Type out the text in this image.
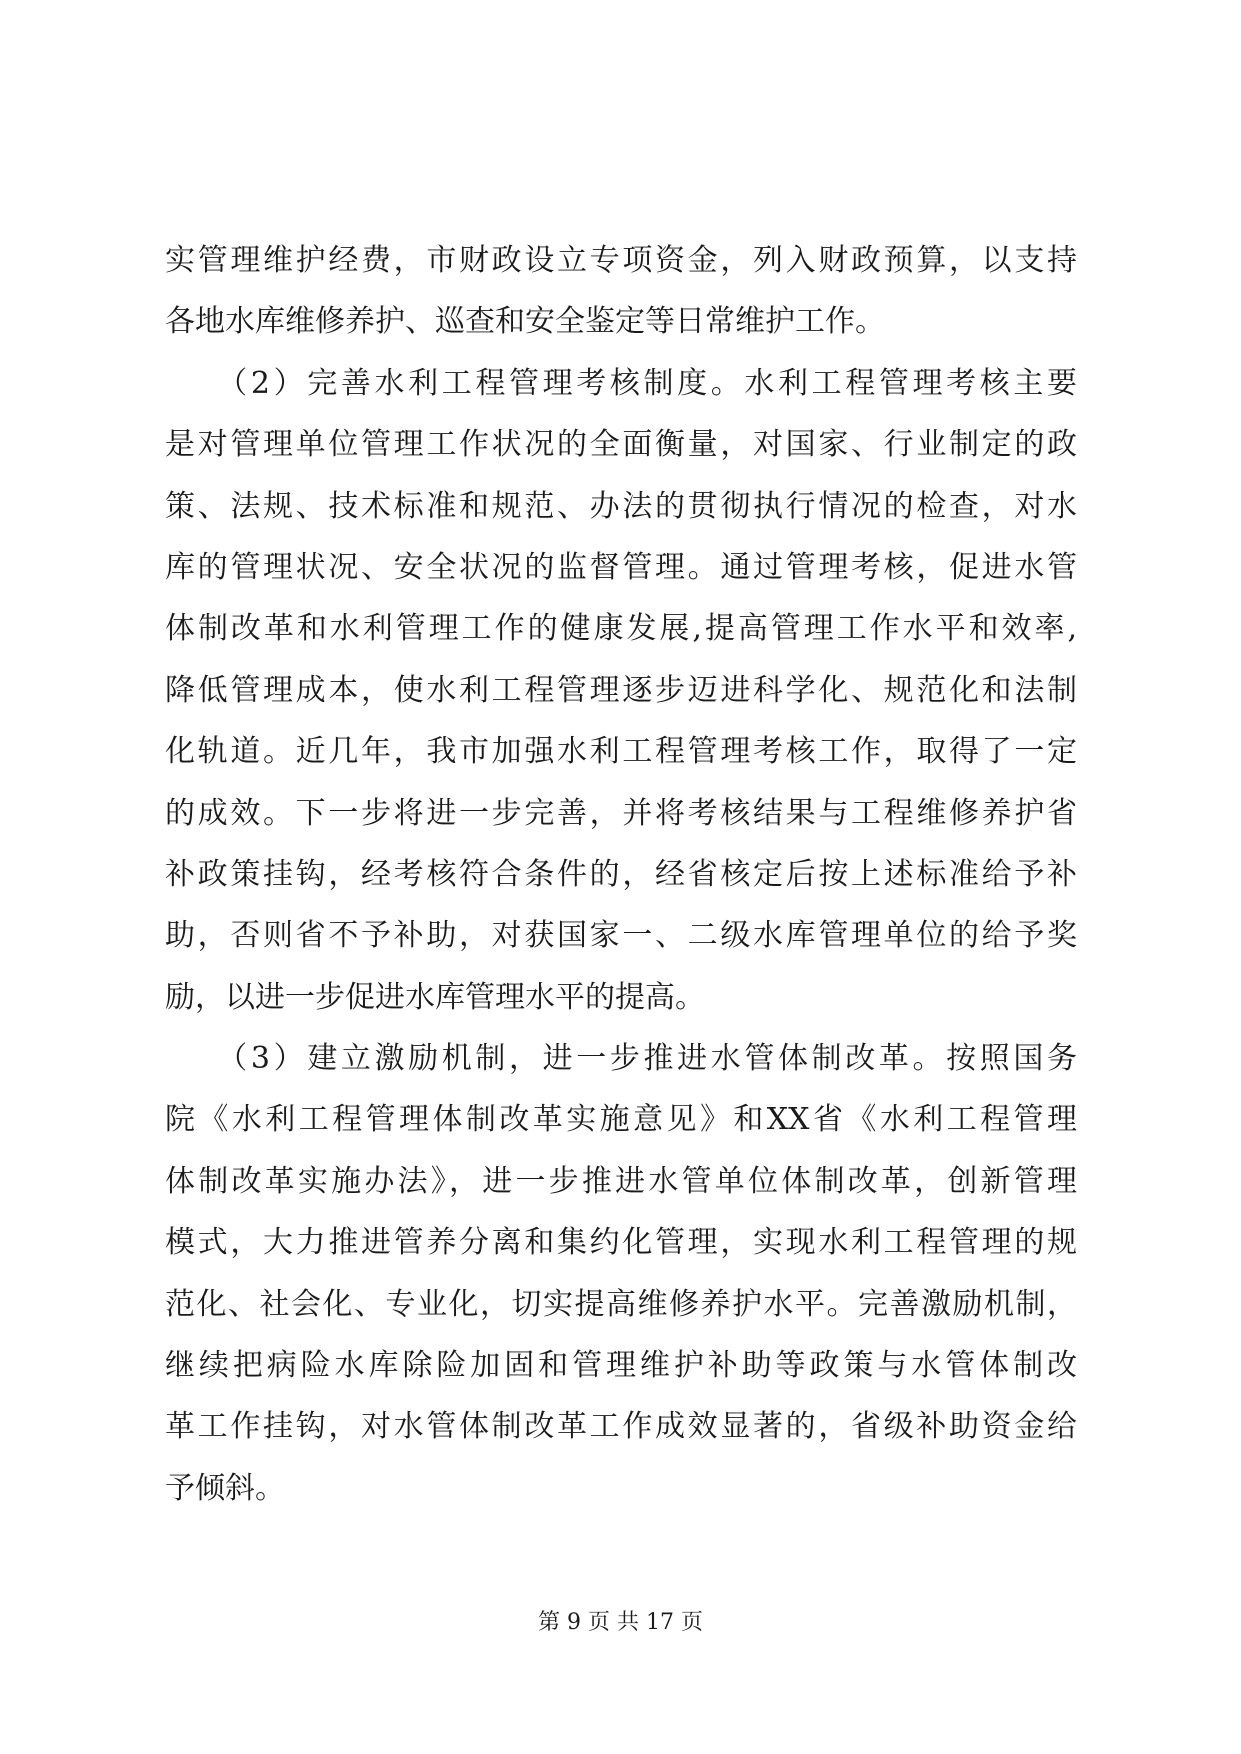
实管理维护经费，市财政设立专项资金，列入财政预算，以支持
各地水库维修养护、巡查和安全鉴定等日常维护工作。
　　（2）完善水利工程管理考核制度。水利工程管理考核主要
是对管理单位管理工作状况的全面衡量，对国家、行业制定的政
策、法规、技术标准和规范、办法的贯彻执行情况的检查，对水
库的管理状况、安全状况的监督管理。通过管理考核，促进水管
体制改革和水利管理工作的健康发展,提高管理工作水平和效率,
降低管理成本，使水利工程管理逐步迈进科学化、规范化和法制
化轨道。近几年，我市加强水利工程管理考核工作，取得了一定
的成效。下一步将进一步完善，并将考核结果与工程维修养护省
补政策挂钩，经考核符合条件的，经省核定后按上述标准给予补
助，否则省不予补助，对获国家一、二级水库管理单位的给予奖
励，以进一步促进水库管理水平的提高。
　　（3）建立激励机制，进一步推进水管体制改革。按照国务
院《水利工程管理体制改革实施意见》和XX省《水利工程管理
体制改革实施办法》，进一步推进水管单位体制改革，创新管理
模式，大力推进管养分离和集约化管理，实现水利工程管理的规
范化、社会化、专业化，切实提高维修养护水平。完善激励机制，
继续把病险水库除险加固和管理维护补助等政策与水管体制改
革工作挂钩，对水管体制改革工作成效显著的，省级补助资金给
予倾斜。
第 9 页 共 17 页
